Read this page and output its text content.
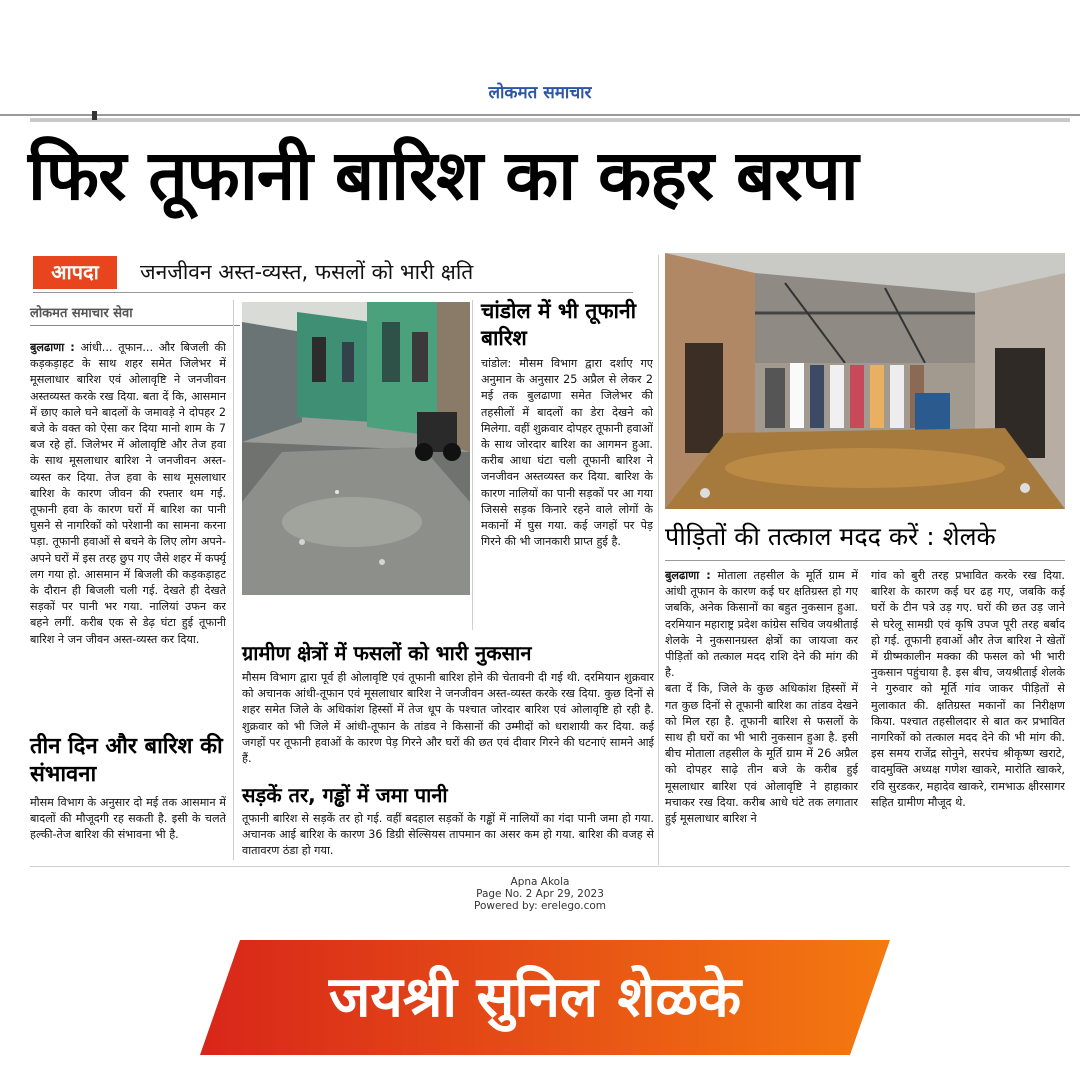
लोकमत समाचार
फिर तूफानी बारिश का कहर बरपा
आपदा	जनजीवन अस्त-व्यस्त, फसलों को भारी क्षति
लोकमत समाचार सेवा
बुलढाणा : आंधी... तूफान... और बिजली की कड़कड़ाहट के साथ शहर समेत जिलेभर में मूसलाधार बारिश एवं ओलावृष्टि ने जनजीवन अस्तव्यस्त करके रख दिया. बता दें कि, आसमान में छाए काले घने बादलों के जमावड़े ने दोपहर 2 बजे के वक्त को ऐसा कर दिया मानो शाम के 7 बज रहे हों. जिलेभर में ओलावृष्टि और तेज हवा के साथ मूसलाधार बारिश ने जनजीवन अस्त-व्यस्त कर दिया. तेज हवा के साथ मूसलाधार बारिश के कारण जीवन की रफ्तार थम गई. तूफानी हवा के कारण घरों में बारिश का पानी घुसने से नागरिकों को परेशानी का सामना करना पड़ा. तूफानी हवाओं से बचने के लिए लोग अपने-अपने घरों में इस तरह छुप गए जैसे शहर में कर्फ्यू लग गया हो. आसमान में बिजली की कड़कड़ाहट के दौरान ही बिजली चली गई. देखते ही देखते सड़कों पर पानी भर गया. नालियां उफन कर बहने लगीं. करीब एक से डेढ़ घंटा हुई तूफानी बारिश ने जन जीवन अस्त-व्यस्त कर दिया.
तीन दिन और बारिश की संभावना
मौसम विभाग के अनुसार दो मई तक आसमान में बादलों की मौजूदगी रह सकती है. इसी के चलते हल्की-तेज बारिश की संभावना भी है.
चांडोल में भी तूफानी बारिश
चांडोल: मौसम विभाग द्वारा दर्शाए गए अनुमान के अनुसार 25 अप्रैल से लेकर 2 मई तक बुलढाणा समेत जिलेभर की तहसीलों में बादलों का डेरा देखने को मिलेगा. वहीं शुक्रवार दोपहर तूफानी हवाओं के साथ जोरदार बारिश का आगमन हुआ. करीब आधा घंटा चली तूफानी बारिश ने जनजीवन अस्तव्यस्त कर दिया. बारिश के कारण नालियों का पानी सड़कों पर आ गया जिससे सड़क किनारे रहने वाले लोगों के मकानों में घुस गया. कई जगहों पर पेड़ गिरने की भी जानकारी प्राप्त हुई है.
ग्रामीण क्षेत्रों में फसलों को भारी नुकसान
मौसम विभाग द्वारा पूर्व ही ओलावृष्टि एवं तूफानी बारिश होने की चेतावनी दी गई थी. दरमियान शुक्रवार को अचानक आंधी-तूफान एवं मूसलाधार बारिश ने जनजीवन अस्त-व्यस्त करके रख दिया. कुछ दिनों से शहर समेत जिले के अधिकांश हिस्सों में तेज धूप के पश्चात जोरदार बारिश एवं ओलावृष्टि हो रही है. शुक्रवार को भी जिले में आंधी-तूफान के तांडव ने किसानों की उम्मीदों को धराशायी कर दिया. कई जगहों पर तूफानी हवाओं के कारण पेड़ गिरने और घरों की छत एवं दीवार गिरने की घटनाएं सामने आई हैं.
सड़कें तर, गड्ढों में जमा पानी
तूफानी बारिश से सड़कें तर हो गई. वहीं बदहाल सड़कों के गड्ढों में नालियों का गंदा पानी जमा हो गया. अचानक आई बारिश के कारण 36 डिग्री सेल्सियस तापमान का असर कम हो गया. बारिश की वजह से वातावरण ठंडा हो गया.
पीड़ितों की तत्काल मदद करें : शेलके
बुलढाणा : मोताला तहसील के मूर्ति ग्राम में आंधी तूफान के कारण कई घर क्षतिग्रस्त हो गए जबकि, अनेक किसानों का बहुत नुकसान हुआ. दरमियान महाराष्ट्र प्रदेश कांग्रेस सचिव जयश्रीताई शेलके ने नुकसानग्रस्त क्षेत्रों का जायजा कर पीड़ितों को तत्काल मदद राशि देने की मांग की है.
बता दें कि, जिले के कुछ अधिकांश हिस्सों में गत कुछ दिनों से तूफानी बारिश का तांडव देखने को मिल रहा है. तूफानी बारिश से फसलों के साथ ही घरों का भी भारी नुकसान हुआ है. इसी बीच मोताला तहसील के मूर्ति ग्राम में 26 अप्रैल को दोपहर साढ़े तीन बजे के करीब हुई मूसलाधार बारिश एवं ओलावृष्टि ने हाहाकार मचाकर रख दिया. करीब आधे घंटे तक लगातार हुई मूसलाधार बारिश ने
गांव को बुरी तरह प्रभावित करके रख दिया. बारिश के कारण कई घर ढह गए, जबकि कई घरों के टीन पत्रे उड़ गए. घरों की छत उड़ जाने से घरेलू सामग्री एवं कृषि उपज पूरी तरह बर्बाद हो गई. तूफानी हवाओं और तेज बारिश ने खेतों में ग्रीष्मकालीन मक्का की फसल को भी भारी नुकसान पहुंचाया है. इस बीच, जयश्रीताई शेलके ने गुरुवार को मूर्ति गांव जाकर पीड़ितों से मुलाकात की. क्षतिग्रस्त मकानों का निरीक्षण किया. पश्चात तहसीलदार से बात कर प्रभावित नागरिकों को तत्काल मदद देने की भी मांग की. इस समय राजेंद्र सोनुने, सरपंच श्रीकृष्ण खराटे, वादमुक्ति अध्यक्ष गणेश खाकरे, मारोति खाकरे, रवि सुरडकर, महादेव खाकरे, रामभाऊ क्षीरसागर सहित ग्रामीण मौजूद थे.
Apna Akola
Page No. 2 Apr 29, 2023
Powered by: erelego.com
जयश्री सुनिल शेळके
